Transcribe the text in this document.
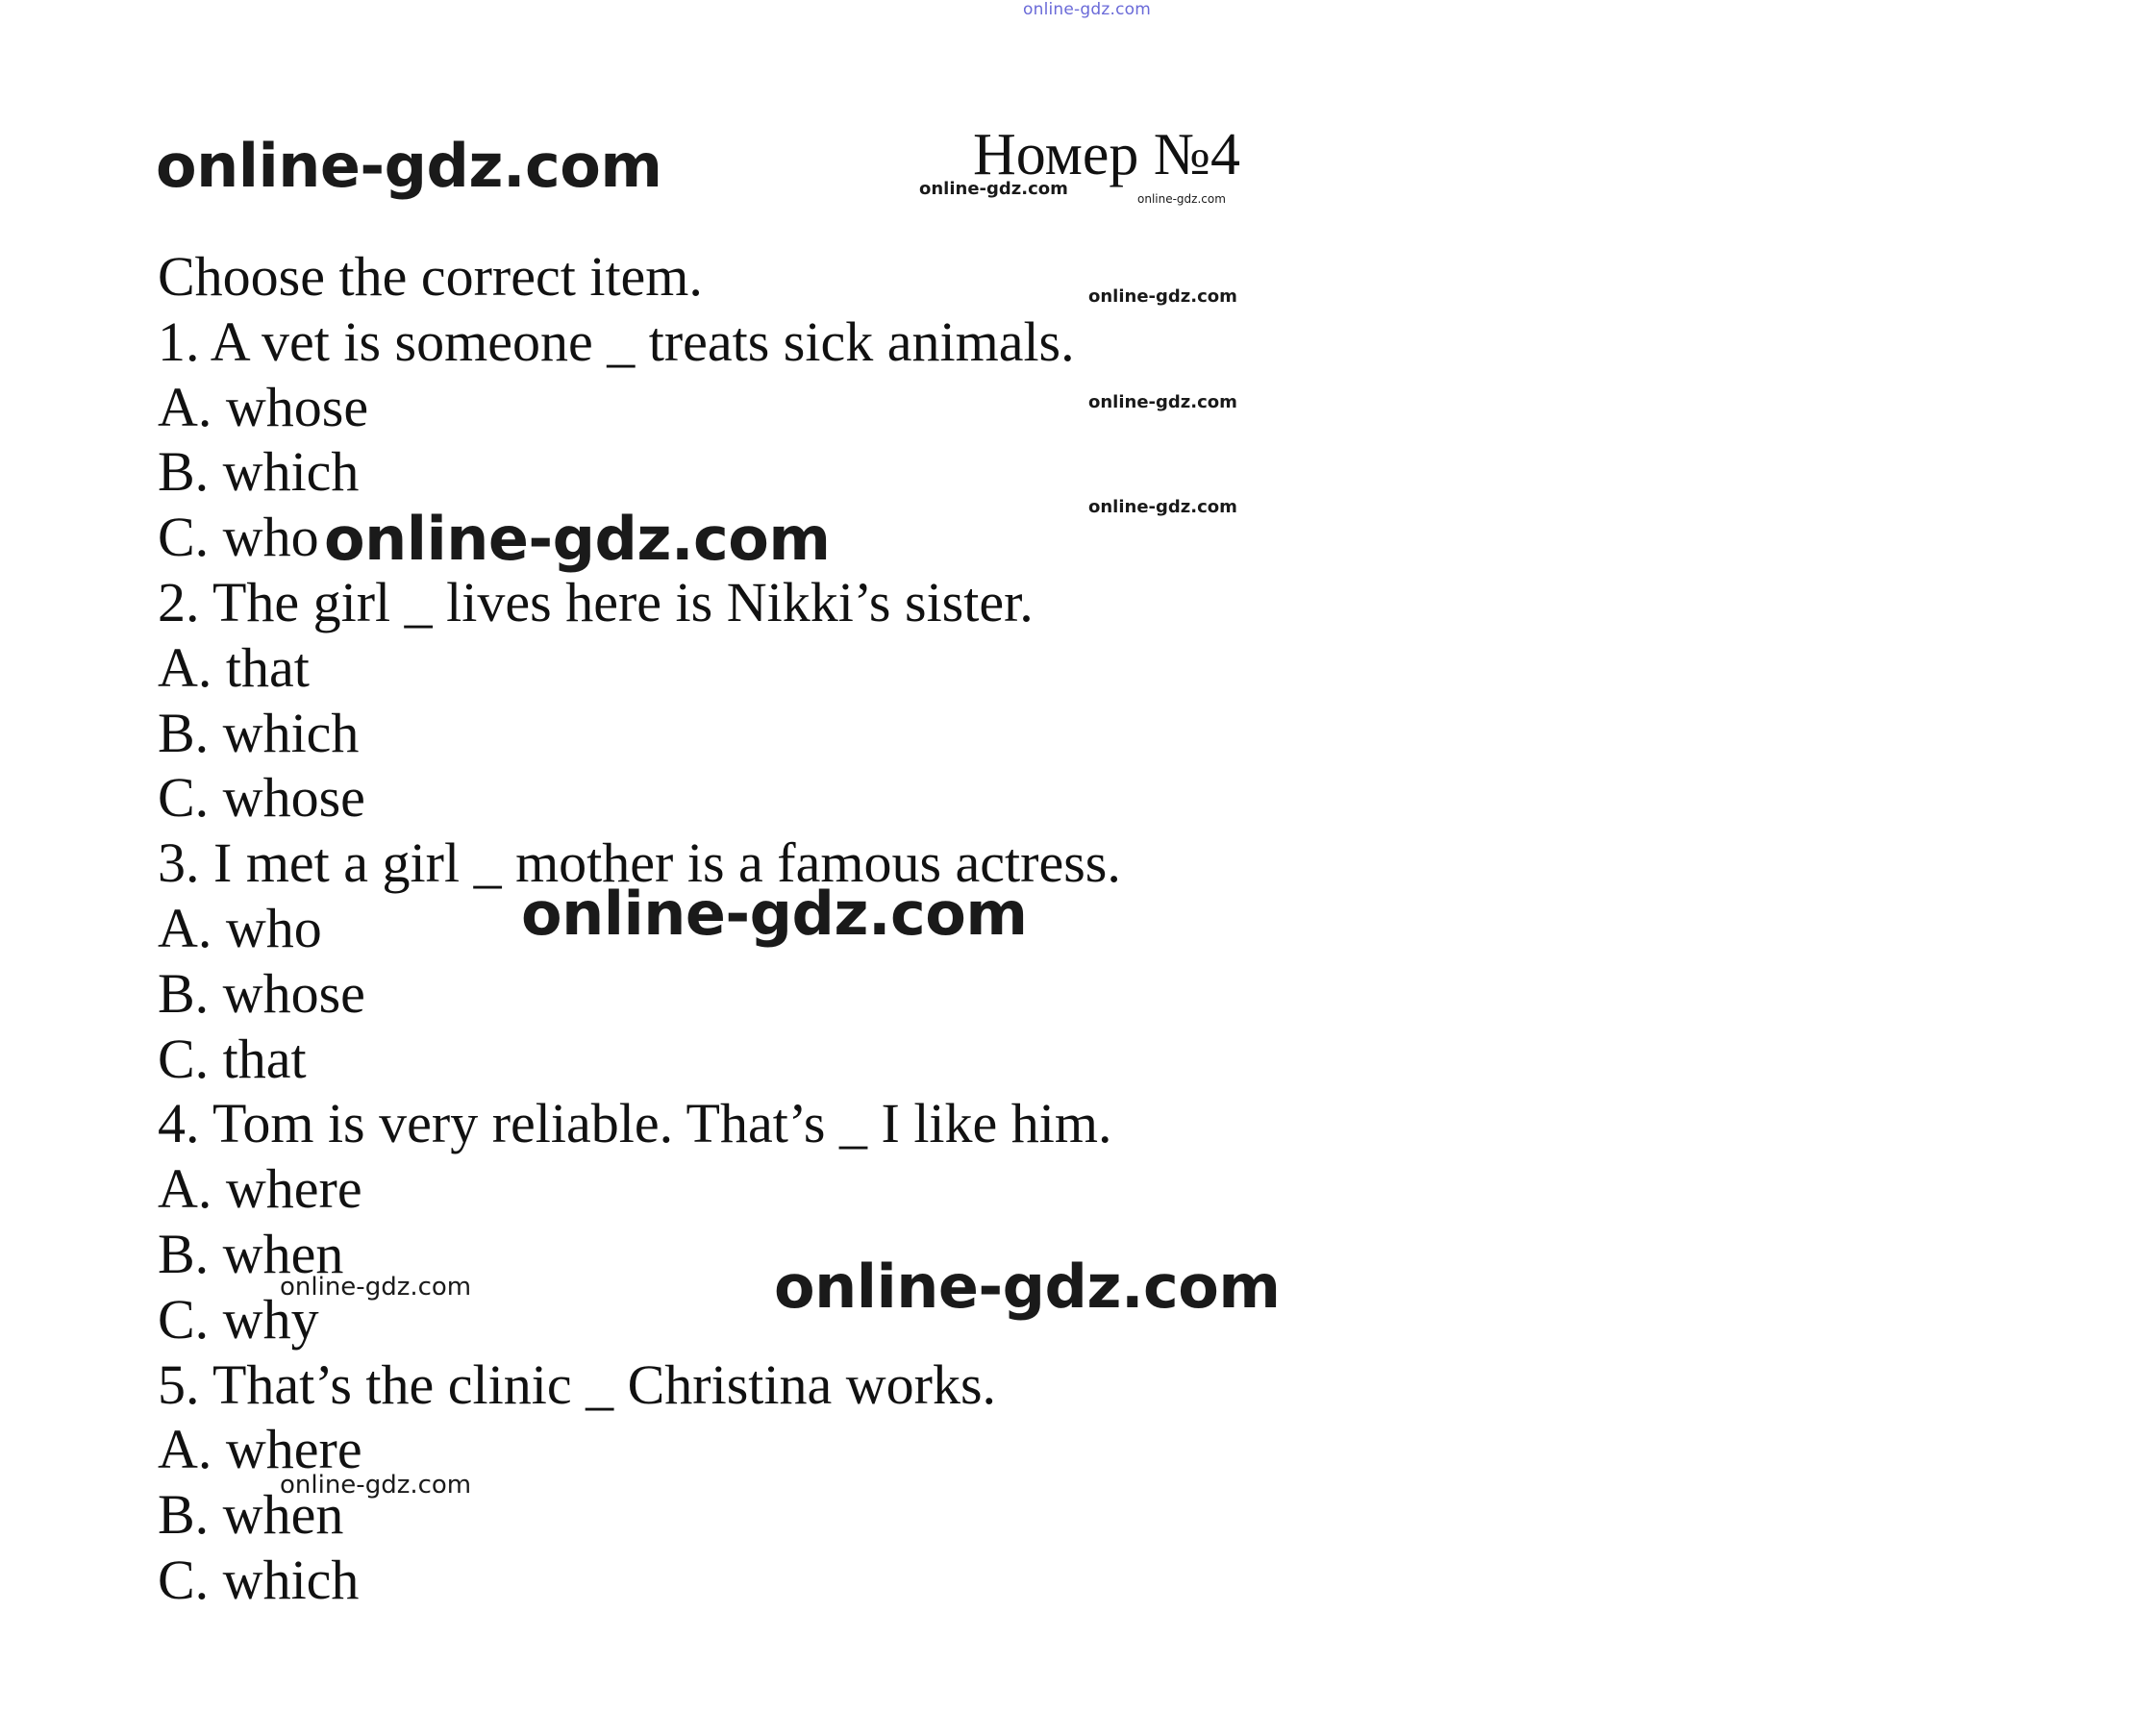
online-gdz.com
online-gdz.com	online-gdz.com	online-gdz.com
online-gdz.com
online-gdz.com
online-gdz.com
Номер №4
Choose the correct item.
1. A vet is someone _ treats sick animals.
A. whose
B. which
C. who
2. The girl _ lives here is Nikki’s sister.
A. that
B. which
C. whose
3. I met a girl _ mother is a famous actress.
A. who
B. whose
C. that
4. Tom is very reliable. That’s _ I like him.
A. where
B. when
C. why
5. That’s the clinic _ Christina works.
A. where
B. when
C. which
online-gdz.com
online-gdz.com
online-gdz.com
online-gdz.com
online-gdz.com
